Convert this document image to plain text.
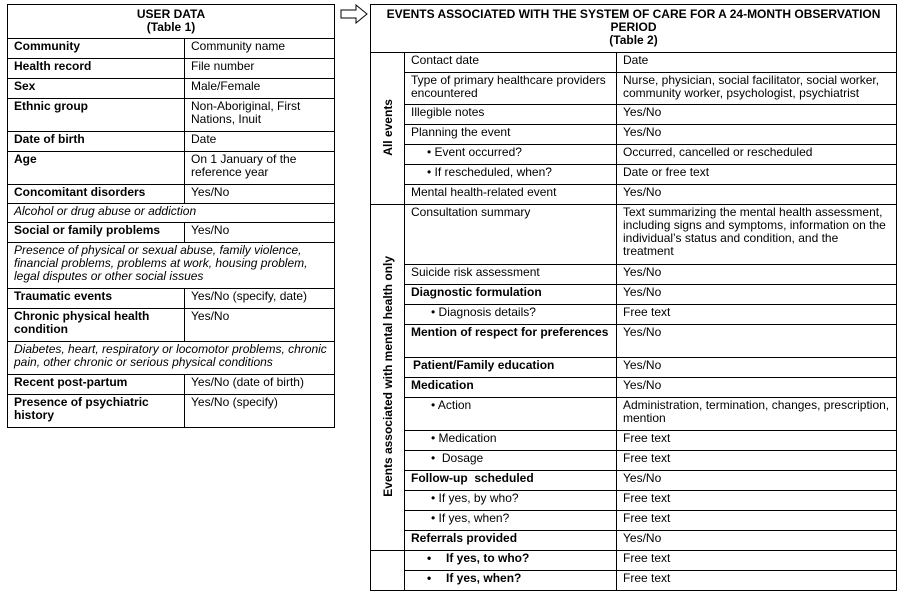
USER DATA
(Table 1)	

Community	Community name
Health record	File number
Sex	Male/Female
Ethnic group	Non-Aboriginal, First Nations, Inuit
Date of birth	Date
Age	On 1 January of the reference year
Concomitant disorders	Yes/No
Alcohol or drug abuse or addiction	
Social or family problems	Yes/No
Presence of physical or sexual abuse, family violence, financial problems, problems at work, housing problem, legal disputes or other social issues	
Traumatic events	Yes/No (specify, date)
Chronic physical health condition	Yes/No
Diabetes, heart, respiratory or locomotor problems, chronic pain, other chronic or serious physical conditions	
Recent post-partum	Yes/No (date of birth)
Presence of psychiatric history	Yes/No (specify)
EVENTS ASSOCIATED WITH THE SYSTEM OF CARE FOR A 24-MONTH OBSERVATION
PERIOD
(Table 2)		

All events	Contact date	Date
	Type of primary healthcare providers encountered	Nurse, physician, social facilitator, social worker, community worker, psychologist, psychiatrist
	Illegible notes	Yes/No
	Planning the event	Yes/No
	• Event occurred?	Occurred, cancelled or rescheduled
	• If rescheduled, when?	Date or free text
	Mental health-related event	Yes/No
Events associated with mental health only	Consultation summary	Text summarizing the mental health assessment, including signs and symptoms, information on the individual’s status and condition, and the treatment
	Suicide risk assessment	Yes/No
	Diagnostic formulation	Yes/No
	• Diagnosis details?	Free text
	Mention of respect for preferences	Yes/No
	Patient/Family education	Yes/No
	Medication	Yes/No
	• Action	Administration, termination, changes, prescription, mention
	• Medication	Free text
	•  Dosage	Free text
	Follow-up  scheduled	Yes/No
	• If yes, by who?	Free text
	• If yes, when?	Free text
	Referrals provided	Yes/No
	• If yes, to who?	Free text
	• If yes, when?	Free text
